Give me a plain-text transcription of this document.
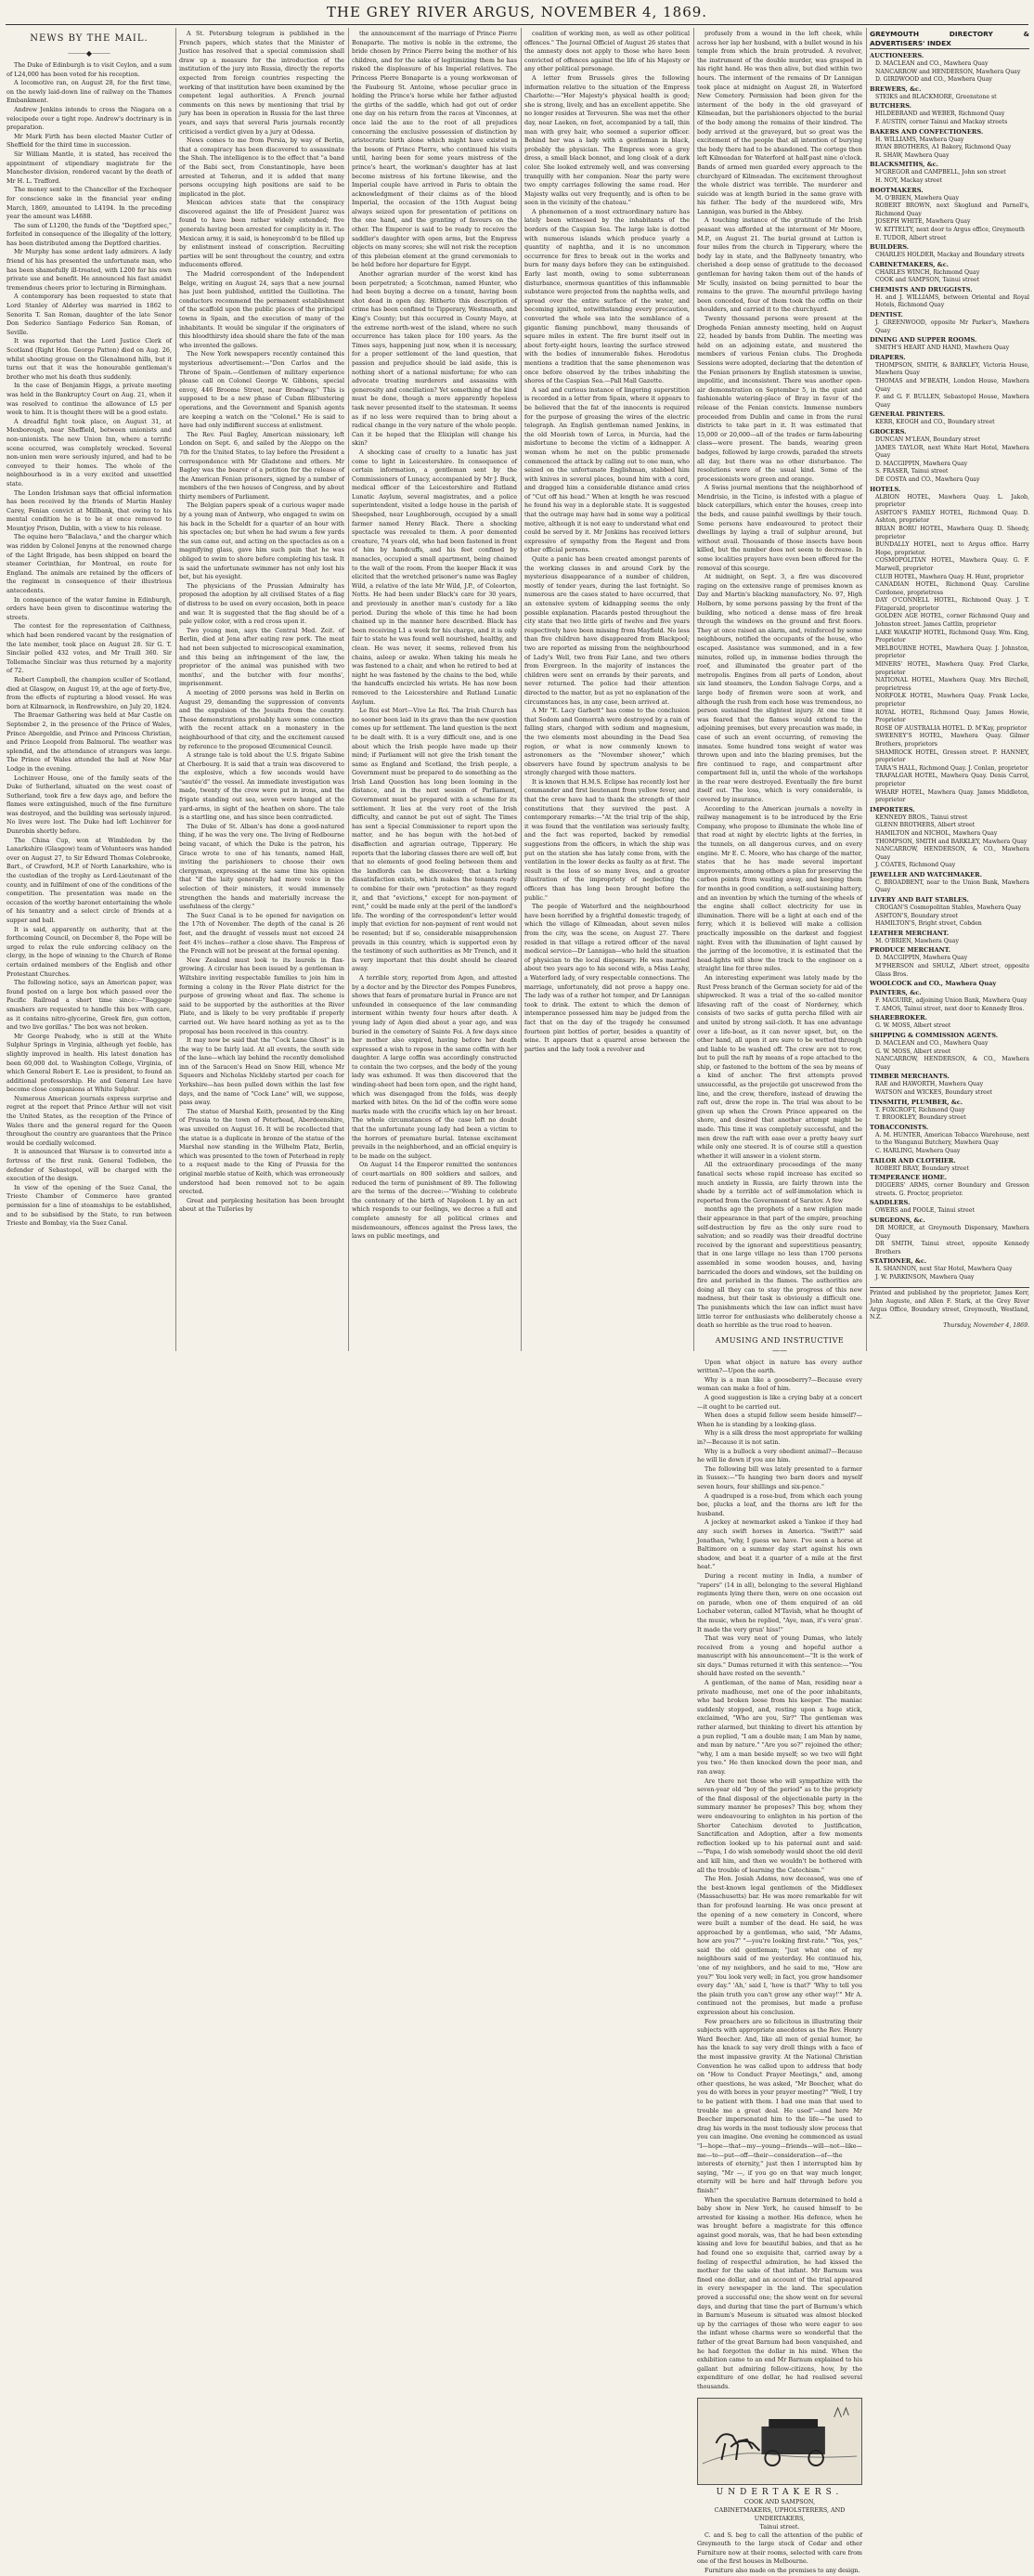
THE GREY RIVER ARGUS, NOVEMBER 4, 1869.
NEWS BY THE MAIL.
⸻◆⸻

The Duke of Edinburgh is to visit Ceylon, and a sum of L24,000 has been voted for his reception.

A locomotive ran, on August 28, for the first time, on the newly laid-down line of railway on the Thames Embankment.

Andrew Jenkins intends to cross the Niagara on a velocipede over a tight rope. Andrew's doctrinary is in preparation.

Mr Mark Firth has been elected Master Cutler of Sheffield for the third time in succession.

Sir William Mantle, it is stated, has received the appointment of stipendiary magistrate for the Manchester division, rendered vacant by the death of Mr H. L. Trafford.

The money sent to the Chancellor of the Exchequer for conscience sake in the financial year ending March, 1869, amounted to L4194. In the preceding year the amount was L4688.

The sum of L1200, the funds of the "Deptford spec," forfeited in consequence of the illegality of the lottery, has been distributed among the Deptford charities.

Mr Murphy has some ardent lady admirers. A lady friend of his has presented the unfortunate man, who has been shamefully ill-treated, with L200 for his own private use and benefit. He announced his fast amidst tremendous cheers prior to lecturing in Birmingham.

A contemporary has been requested to state that Lord Stanley of Alderley was married in 1862 to Senorita T. San Roman, daughter of the late Senor Don Sederico Santiago Federico San Roman, of Seville.

It was reported that the Lord Justice Clerk of Scotland (Right Hon. George Patton) died on Aug. 26, whilst shooting grouse on the Glenalmond hills, but it turns out that it was the honourable gentleman's brother who met his death thus suddenly.

In the case of Benjamin Higgs, a private meeting was held in the Bankruptcy Court on Aug. 21, when it was resolved to continue the allowance of L5 per week to him. It is thought there will be a good estate.

A dreadful fight took place, on August 31, at Mexborough, near Sheffield, between unionists and non-unionists. The new Union Inn, where a terrific scene occurred, was completely wrecked. Several non-union men were seriously injured, and had to be conveyed to their homes. The whole of the neighbourhood is in a very excited and unsettled state.

The London Irishman says that official information has been received by the friends of Martin Hanley Carey, Fenian convict at Millbank, that owing to his mental condition he is to be at once removed to Mountjoy Prison, Dublin, with a view to his release.

The equine hero "Balaclava," and the charger which was ridden by Colonel Jenyns at the renowned charge of the Light Brigade, has been shipped on board the steamer Corinthian, for Montreal, en route for England. The animals are retained by the officers of the regiment in consequence of their illustrious antecedents.

In consequence of the water famine in Edinburgh, orders have been given to discontinue watering the streets.

The contest for the representation of Caithness, which had been rendered vacant by the resignation of the late member, took place on August 28. Sir G. T. Sinclair polled 432 votes, and Mr Traill 360. Sir Tollemache Sinclair was thus returned by a majority of 72.

Robert Campbell, the champion sculler of Scotland, died at Glasgow, on August 19, at the age of forty-five, from the effects of rupturing a blood vessel. He was born at Kilmarnock, in Renfrewshire, on July 20, 1824.

The Braemar Gathering was held at Mar Castle on September 2, in the presence of the Prince of Wales, Prince Abergeldie, and Prince and Princess Christian, and Prince Leopold from Balmoral. The weather was splendid, and the attendance of strangers was large. The Prince of Wales attended the ball at New Mar Lodge in the evening.

Lochinver House, one of the family seats of the Duke of Sutherland, situated on the west coast of Sutherland, took fire a few days ago, and before the flames were extinguished, much of the fine furniture was destroyed, and the building was seriously injured. No lives were lost. The Duke had left Lochinver for Dunrobin shortly before.

The China Cup, won at Wimbledon by the Lanarkshire (Glasgow) team of Volunteers was handed over on August 27, to Sir Edward Thomas Colebrooke, Bart., of Crawford, M.P. of North Lanarkshire, who is the custodian of the trophy as Lord-Lieutenant of the county, and in fulfilment of one of the conditions of the competition. The presentation was made on the occasion of the worthy baronet entertaining the whole of his tenantry and a select circle of friends at a supper and ball.

It is said, apparently on authority, that at the forthcoming Council, on December 8, the Pope will be urged to relax the rule enforcing celibacy on the clergy, in the hope of winning to the Church of Rome certain ordained members of the English and other Protestant Churches.

The following notice, says an American paper, was found posted on a large box which passed over the Pacific Railroad a short time since:—"Baggage smashers are requested to handle this box with care, as it contains nitro-glycerine, Greek fire, gun cotton, and two live gorillas." The box was not broken.

Mr George Peabody, who is still at the White Sulphur Springs in Virginia, although yet feeble, has slightly improved in health. His latest donation has been 60,000 dol. to Washington College, Virginia, of which General Robert E. Lee is president, to found an additional professorship. He and General Lee have become close companions at White Sulphur.

Numerous American journals express surprise and regret at the report that Prince Arthur will not visit the United States, as the reception of the Prince of Wales there and the general regard for the Queen throughout the country are guarantees that the Prince would be cordially welcomed.

It is announced that Warsaw is to converted into a fortress of the first rank. General Todleben, the defender of Sebastopol, will be charged with the execution of the design.

In view of the opening of the Suez Canal, the Trieste Chamber of Commerce have granted permission for a line of steamships to be established, and to be subsidised by the State, to run between Trieste and Bombay, via the Suez Canal.

A St. Petersburg telegram is published in the French papers, which states that the Minister of Justice has resolved that a special commission shall draw up a measure for the introduction of the institution of the jury into Russia, directly the reports expected from foreign countries respecting the working of that institution have been examined by the competent legal authorities. A French journal comments on this news by mentioning that trial by jury has been in operation in Russia for the last three years, and says that several Paris journals recently criticised a verdict given by a jury at Odessa.

News comes to me from Persia, by way of Berlin, that a conspiracy has been discovered to assassinate the Shah. The intelligence is to the effect that "a band of the Babi sect, from Constantinople, have been arrested at Teheran, and it is added that many persons occupying high positions are said to be implicated in the plot.

Mexican advices state that the conspiracy discovered against the life of President Juarez was found to have been rather widely extended; five generals having been arrested for complicity in it. The Mexican army, it is said, is honeycomb'd to be filled up by enlistment instead of conscription. Recruiting parties will be sent throughout the country, and extra inducements offered.

The Madrid correspondent of the Independent Belge, writing on August 24, says that a new journal has just been published, entitled the Guillotina. The conductors recommend the permanent establishment of the scaffold upon the public places of the principal towns in Spain, and the execution of many of the inhabitants. It would be singular if the originators of this bloodthirsty idea should share the fate of the man who invented the gallows.

The New York newspapers recently contained this mysterious advertisement:—"Don Carlos and the Throne of Spain.—Gentlemen of military experience please call on Colonel George W. Gibbons, special envoy, 446 Broome Street, near Broadway." This is supposed to be a new phase of Cuban filibustering operations, and the Government and Spanish agents are keeping a watch on the "Colonel." He is said to have had only indifferent success at enlistment.

The Rev. Paul Bagley, American missionary, left London on Sept. 6, and sailed by the Aleppo on the 7th for the United States, to lay before the President a correspondence with Mr Gladstone and others. Mr Bagley was the bearer of a petition for the release of the American Fenian prisoners, signed by a number of members of the two houses of Congress, and by about thirty members of Parliament.

The Belgian papers speak of a curious wager made by a young man of Antwerp, who engaged to swim on his back in the Scheldt for a quarter of an hour with his spectacles on; but when he had swum a few yards the sun came out, and acting on the spectacles as on a magnifying glass, gave him such pain that he was obliged to swim to shore before completing his task. It is said the unfortunate swimmer has not only lost his bet, but his eyesight.

The physicians of the Prussian Admiralty has proposed the adoption by all civilised States of a flag of distress to be used on every occasion, both in peace and war. It is suggested that the flag should be of a pale yellow color, with a red cross upon it.

Two young men, says the Central Med. Zeit. of Berlin, died at Jena after eating raw pork. The meat had not been subjected to microscopical examination, and this being an infringement of the law, the proprietor of the animal was punished with two months', and the butcher with four months', imprisonment.

A meeting of 2000 persons was held in Berlin on August 29, demanding the suppression of convents and the expulsion of the Jesuits from the country. These demonstrations probably have some connection with the recent attack on a monastery in the neighbourhood of that city, and the excitement caused by reference to the proposed Œcumenical Council.

A strange tale is told about the U.S. frigate Sabine at Cherbourg. It is said that a train was discovered to the explosive, which a few seconds would have "sautée'd" the vessel. An immediate investigation was made, twenty of the crew were put in irons, and the frigate standing out sea, seven were hanged at the yard-arms, in sight of the heathen on shore. The tale is a startling one, and has since been contradicted.

The Duke of St. Alban's has done a good-natured thing, if he was the very one. The living of Redbourne being vacant, of which the Duke is the patron, his Grace wrote to one of his tenants, named Hall, inviting the parishioners to choose their own clergyman, expressing at the same time his opinion that "if the laity generally had more voice in the selection of their ministers, it would immensely strengthen the hands and materially increase the usefulness of the clergy."

The Suez Canal is to be opened for navigation on the 17th of November. The depth of the canal is 26 feet, and the draught of vessels must not exceed 24 feet 4½ inches—rather a close shave. The Empress of the French will not be present at the formal opening.

New Zealand must look to its laurels in flax-growing. A circular has been issued by a gentleman in Wiltshire inviting respectable families to join him in forming a colony in the River Plate district for the purpose of growing wheat and flax. The scheme is said to be supported by the authorities at the River Plate, and is likely to be very profitable if properly carried out. We have heard nothing as yet as to the proposal has been received in this country.

It may now be said that the "Cock Lane Ghost" is in the way to be fairly laid. At all events, the south side of the lane—which lay behind the recently demolished inn of the Saracen's Head on Snow Hill, whence Mr Squeers and Nicholas Nickleby started per coach for Yorkshire—has been pulled down within the last few days, and the name of "Cock Lane" will, we suppose, pass away.

The statue of Marshal Keith, presented by the King of Prussia to the town of Peterhead, Aberdeenshire, was unveiled on August 16. It will be recollected that the statue is a duplicate in bronze of the statue of the Marshal now standing in the Wilhelm Platz, Berlin, which was presented to the town of Peterhead in reply to a request made to the King of Prussia for the original marble statue of Keith, which was erroneously understood had been removed not to be again erected.

Great and perplexing hesitation has been brought about at the Tuileries by

the announcement of the marriage of Prince Pierre Bonaparte. The motive is noble in the extreme, the bride chosen by Prince Pierre being the mother of his children, and for the sake of legitimizing them he has risked the displeasure of his Imperial relatives. The Princess Pierre Bonaparte is a young workwoman of the Faubourg St. Antoine, whose peculiar grace in holding the Prince's horse while her father adjusted the girths of the saddle, which had got out of order one day on his return from the races at Vincennes, at once laid the axe to the root of all prejudices concerning the exclusive possession of distinction by aristocratic birth alone which might have existed in the bosom of Prince Pierre, who continued his visits until, having been for some years mistress of the prince's heart, the workman's daughter has at last become mistress of his fortune likewise, and the Imperial couple have arrived in Paris to obtain the acknowledgment of their claims as of the blood Imperial, the occasion of the 15th August being always seized upon for presentation of petitions on the one hand, and the granting of favours on the other. The Emperor is said to be ready to receive the saddler's daughter with open arms, but the Empress objects on many scores; she will not risk the reception of this plebeian element at the grand ceremonials to be held before her departure for Egypt.

Another agrarian murder of the worst kind has been perpetrated; a Scotchman, named Hunter, who had been buying a decree on a tenant, having been shot dead in open day. Hitherto this description of crime has been confined to Tipperary, Westmeath, and King's County; but this occurred in County Mayo, at the extreme north-west of the island, where no such occurrence has taken place for 100 years. As the Times says, happening just now, when it is necessary, for a proper settlement of the land question, that passion and prejudice should be laid aside, this is nothing short of a national misfortune; for who can advocate treating murderers and assassins with generosity and conciliation? Yet something of the kind must be done, though a more apparently hopeless task never presented itself to the statesman. It seems as if no less were required than to bring about a radical change in the very nature of the whole people. Can it be hoped that the Elixiplan will change his skin?

A shocking case of cruelty to a lunatic has just come to light in Leicestershire. In consequence of certain information, a gentleman sent by the Commissioners of Lunacy, accompanied by Mr J. Buck, medical officer of the Leicestershire and Rutland Lunatic Asylum, several magistrates, and a police superintendent, visited a lodge house in the parish of Sheepshed, near Loughborough, occupied by a small farmer named Henry Black. There a shocking spectacle was revealed to them. A poor demented creature, 74 years old, who had been fastened in front of him by handcuffs, and his feet confined by manacles, occupied a small apartment, being chained to the wall of the room. From the keeper Black it was elicited that the wretched prisoner's name was Bagley Wild, a relative of the late Mr Wild, J.P., of Coleorton, Notts. He had been under Black's care for 30 years, and previously in another man's custody for a like period. During the whole of this time he had been chained up in the manner here described. Black has been receiving L1 a week for his charge, and it is only fair to state he was found well nourished, healthy, and clean. He was never, it seems, relieved from his chains, asleep or awake. When taking his meals he was fastened to a chair, and when he retired to bed at night he was fastened by the chains to the bed, while the handcuffs encircled his wrists. He has now been removed to the Leicestershire and Rutland Lunatic Asylum.

Le Roi est Mort—Vive Le Roi. The Irish Church has no sooner been laid in its grave than the new question comes up for settlement. The land question is the next to be dealt with. It is a very difficult one, and is one about which the Irish people have made up their mind; if Parliament will not give the Irish tenant the same as England and Scotland, the Irish people, a Government must be prepared to do something as the Irish Land Question has long been looming in the distance, and in the next session of Parliament, Government must be prepared with a scheme for its settlement. It lies at the very root of the Irish difficulty, and cannot be put out of sight. The Times has sent a Special Commissioner to report upon the matter, and he has begun with the hot-bed of disaffection and agrarian outrage, Tipperary. He reports that the laboring classes there are well off, but that no elements of good feeling between them and the landlords can be discovered; that a lurking dissatisfaction exists, which makes the tenants ready to combine for their own "protection" as they regard it, and that "evictions," except for non-payment of rent," could be made only at the peril of the landlord's life. The wording of the correspondent's letter would imply that eviction for non-payment of rent would not be resented; but if so, considerable misapprehension prevails in this country, which is supported even by the testimony of such authorities as Mr Trench, and it is very important that this doubt should be cleared away.

A terrible story, reported from Agen, and attested by a doctor and by the Director des Pompes Funebres, shows that fears of premature burial in France are not unfounded in consequence of the law commanding interment within twenty four hours after death. A young lady of Agen died about a year ago, and was buried in the cemetery of Sainte Foi. A few days since her mother also expired, having before her death expressed a wish to repose in the same coffin with her daughter. A large coffin was accordingly constructed to contain the two corpses, and the body of the young lady was exhumed. It was then discovered that the winding-sheet had been torn open, and the right hand, which was disengaged from the folds, was deeply marked with bites. On the lid of the coffin were some marks made with the crucifix which lay on her breast. The whole circumstances of the case left no doubt that the unfortunate young lady had been a victim to the horrors of premature burial. Intense excitement prevails in the neighborhood, and an official enquiry is to be made on the subject.

On August 14 the Emperor remitted the sentences of court-martials on 800 soldiers and sailors, and reduced the term of punishment of 89. The following are the terms of the decree:—"Wishing to celebrate the centenary of the birth of Napoleon I. by an act which responds to our feelings, we decree a full and complete amnesty for all political crimes and misdemeanours, offences against the Press laws, the laws on public meetings, and

coalition of working men, as well as other political offences." The Journal Officiel of August 26 states that the amnesty does not apply to those who have been convicted of offences against the life of his Majesty or any other political personage.

A letter from Brussels gives the following information relative to the situation of the Empress Charlotte:—"Her Majesty's physical health is good; she is strong, lively, and has an excellent appetite. She no longer resides at Terveuren. She was met the other day, near Laeken, on foot, accompanied by a tall, thin man with grey hair, who seemed a superior officer. Behind her was a lady with a gentleman in black, probably the physician. The Empress wore a grey dress, a small black bonnet, and long cloak of a dark color. She looked extremely well, and was conversing tranquilly with her companion. Near the party were two empty carriages following the same road. Her Majesty walks out very frequently, and is often to be seen in the vicinity of the chateau."

A phenomenon of a most extraordinary nature has lately been witnessed by the inhabitants of the borders of the Caspian Sea. The large lake is dotted with numerous islands which produce yearly a quantity of naphtha, and it is no uncommon occurrence for fires to break out in the works and burn for many days before they can be extinguished. Early last month, owing to some subterranean disturbance, enormous quantities of this inflammable substance were projected from the naphtha wells, and spread over the entire surface of the water, and becoming ignited, notwithstanding every precaution, converted the whole sea into the semblance of a gigantic flaming punchbowl, many thousands of square miles in extent. The fire burnt itself out in about forty-eight hours, leaving the surface strewed with the bodies of innumerable fishes. Herodotus mentions a tradition that the same phenomenon was once before observed by the tribes inhabiting the shores of the Caspian Sea.—Pall Mall Gazette.

A sad and curious instance of lingering superstition is recorded in a letter from Spain, where it appears to be believed that the fat of the innocents is required for the purpose of greasing the wires of the electric telegraph. An English gentleman named Jenkins, in the old Moorish town of Lorca, in Murcia, had the misfortune to become the victim of a kidnapper. A woman whom he met on the public promenade commenced the attack by calling out to one man, who seized on the unfortunate Englishman, stabbed him with knives in several places, bound him with a cord, and dragged him a considerable distance amid cries of "Cut off his head." When at length he was rescued he found his way in a deplorable state. It is suggested that the outrage may have had in some way a political motive, although it is not easy to understand what end could be served by it. Mr Jenkins has received letters expressive of sympathy from the Regent and from other official persons.

Quite a panic has been created amongst parents of the working classes in and around Cork by the mysterious disappearance of a number of children, mostly of tender years, during the last fortnight. So numerous are the cases stated to have occurred, that an extensive system of kidnapping seems the only possible explanation. Placards posted throughout the city state that two little girls of twelve and five years respectively have been missing from Mayfield. No less than five children have disappeared from Blackpool; two are reported as missing from the neighbourhood of Lady's Well, two from Fair Lane, and two others from Evergreen. In the majority of instances the children were sent on errands by their parents, and never returned. The police had their attention directed to the matter, but as yet no explanation of the circumstances has, in any case, been arrived at.

A Mr "E. Lacy Garbett" has come to the conclusion that Sodom and Gomorrah were destroyed by a rain of falling stars, charged with sodium and magnesium, the two elements most abounding in the Dead Sea region, or what is now commonly known to astronomers as the "November shower," which observers have found by spectrum analysis to be strongly charged with those matters.

It is known that H.M.S. Eclipse has recently lost her commander and first lieutenant from yellow fever, and that the crew have had to thank the strength of their constitutions that they survived the past. A contemporary remarks:—"At the trial trip of the ship, it was found that the ventilation was seriously faulty, and the fact was reported, backed by remedial suggestions from the officers, in which the ship was put on the station she has lately come from, with the ventilation in the lower decks as faulty as at first. The result is the loss of so many lives, and a greater illustration of the impropriety of neglecting the officers than has long been brought before the public."

The people of Waterford and the neighbourhood have been horrified by a frightful domestic tragedy, of which the village of Kilmeadan, about seven miles from the city, was the scene, on August 27. There resided in that village a retired officer of the naval medical service—Dr Lannigan—who held the situation of physician to the local dispensary. He was married about two years ago to his second wife, a Miss Leahy, a Waterford lady, of very respectable connections. The marriage, unfortunately, did not prove a happy one. The lady was of a rather hot temper, and Dr Lannigan took to drink. The extent to which the demon of intemperance possessed him may be judged from the fact that on the day of the tragedy he consumed fourteen pint bottles of porter, besides a quantity of wine. It appears that a quarrel arose between the parties and the lady took a revolver and

profusely from a wound in the left cheek, while across her lap her husband, with a bullet wound in his temple from which the brain protruded. A revolver, the instrument of the double murder, was grasped in his right hand. He was then alive, but died within two hours. The interment of the remains of Dr Lannigan took place at midnight on August 28, in Waterford New Cemetery. Permission had been given for the interment of the body in the old graveyard of Kilmeadan, but the parishioners objected to the burial of the body among the remains of their kindred. The body arrived at the graveyard, but so great was the excitement of the people that all intention of burying the body there had to be abandoned. The cortege then left Kilmeadan for Waterford at half-past nine o'clock. Bands of armed men guarded every approach to the churchyard of Kilmeadan. The excitement throughout the whole district was terrible. The murderer and suicide was at length buried in the same grave with his father. The body of the murdered wife, Mrs Lannigan, was buried in the Abbey.

A touching instance of the gratitude of the Irish peasant was afforded at the interment of Mr Moore, M.P., on August 21. The burial ground at Lutton is four miles from the church in Tipperary, where the body lay in state, and the Ballyneety tenantry, who cherished a deep sense of gratitude to the deceased gentleman for having taken them out of the hands of Mr Scully, insisted on being permitted to bear the remains to the grave. The mournful privilege having been conceded, four of them took the coffin on their shoulders, and carried it to the churchyard.

Twenty thousand persons were present at the Drogheda Fenian amnesty meeting, held on August 22, headed by bands from Dublin. The meeting was held on an adjoining estate, and mustered the members of various Fenian clubs. The Drogheda Sessions were adopted, declaring that the detention of the Fenian prisoners by English statesmen is unwise, impolitic, and inconsistent. There was another open-air demonstration on September 5, in the quiet and fashionable watering-place of Bray in favor of the release of the Fenian convicts. Immense numbers proceeded from Dublin and came in from the rural districts to take part in it. It was estimated that 15,000 or 20,000—all of the trades or farm-labouring class—were present. The bands, wearing green badges, followed by large crowds, paraded the streets all day, but there was no other disturbance. The resolutions were of the usual kind. Some of the processionists wore green and orange.

A Swiss journal mentions that the neighborhood of Mendrisio, in the Ticino, is infested with a plague of black caterpillars, which enter the houses, creep into the beds, and cause painful swellings by their touch. Some persons have endeavoured to protect their dwellings by laying a trail of sulphur around, but without avail. Thousands of those insects have been killed, but the number does not seem to decrease. In some localities prayers have even been offered for the removal of this scourge.

At midnight, on Sept. 3, a fire was discovered raging on the extensive range of premises known as Day and Martin's blacking manufactory, No. 97, High Holborn, by some persons passing by the front of the building, who noticed a dense mass of fire break through the windows on the ground and first floors. They at once raised an alarm, and, reinforced by some neighbours, notified the occupants of the house, who escaped. Assistance was summoned, and in a few minutes, rolled up, in immense bodies through the roof, and illuminated the greater part of the metropolis. Engines from all parts of London, about six land steamers, the London Salvage Corps, and a large body of firemen were soon at work, and although the rush from each hose was tremendous, no person sustained the slightest injury. At one time it was feared that the flames would extend to the adjoining premises, but every precaution was made, in case of such an event occurring, of removing the inmates. Some hundred tons weight of water was thrown upon and into the blazing premises, but the fire continued to rage, and compartment after compartment fell in, until the whole of the workshops in the rear were destroyed. Eventually the fire burnt itself out. The loss, which is very considerable, is covered by insurance.

According to the American journals a novelty in railway management is to be introduced by the Erie Company, who propose to illuminate the whole line of that road at night by electric lights at the ferries, in the tunnels, on all dangerous curves, and on every engine. Mr E. C. Moore, who has charge of the matter, states that he has made several important improvements, among others a plan for preserving the carbon points from wasting away, and keeping them for months in good condition, a self-sustaining battery, and an invention by which the turning of the wheels of the engine shall collect electricity for use in illumination. There will be a light at each end of the ferry, which it is believed will make a collision practically impossible on the darkest and foggiest night. Even with the illumination of light caused by the jarring of the locomotive, it is estimated that the head-lights will show the track to the engineer on a straight line for three miles.

An interesting experiment was lately made by the Rust Press branch of the German society for aid of the shipwrecked. It was a trial of the so-called monitor lifesaving raft of the coast of Norderney, which consists of two sacks of gutta percha filled with air and united by strong sail-cloth. It has one advantage over a life-boat, as it can never upset, but, on the other hand, all upon it are sure to be wetted through and liable to be washed off. The crew are not to row, but to pull the raft by means of a rope attached to the ship, or fastened to the bottom of the sea by means of a kind of anchor. The first attempts proved unsuccessful, as the projectile got unscrewed from the line, and the crew, therefore, instead of drawing the raft out, drew the rope in. The trial was about to be given up when the Crown Prince appeared on the shore, and desired that another attempt might be made. This time it was completely successful, and the men drew the raft with ease over a pretty heavy surf while only one steered. It is of course still a question whether it will answer in a violent storm.

All the extraordinary proceedings of the many fanatical sects whose rapid increase has excited so much anxiety in Russia, are fairly thrown into the shade by a terrible act of self-immolation which is reported from the Government of Saratov. A few

months ago the prophets of a new religion made their appearance in that part of the empire, preaching self-destruction by fire as the only sure road to salvation; and so readily was their dreadful doctrine received by the ignorant and superstitious peasantry, that in one large village no less than 1700 persons assembled in some wooden houses, and, having barricaded the doors and windows, set the building on fire and perished in the flames. The authorities are doing all they can to stay the progress of this new madness, but their task is obviously a difficult one. The punishments which the law can inflict must have little terror for enthusiasts who deliberately choose a death so horrible as the true road to heaven.

AMUSING AND INSTRUCTIVE
——

Upon what object in nature has every author written?—Upon the earth.

Why is a man like a gooseberry?—Because every woman can make a fool of him.

A good suggestion is like a crying baby at a concert—it ought to be carried out.

When does a stupid fellow seem beside himself?—When he is standing by a looking-glass.

Why is a silk dress the most appropriate for walking in?—Because it is not satin.

Why is a bullock a very obedient animal?—Because he will lie down if you axe him.

The following bill was lately presented to a farmer in Sussex:—"To hanging two barn doors and myself seven hours, four shillings and six-pence."

A quadruped is a rose-bud, from which each young bee, plucks a leaf, and the thorns are left for the husband.

A jockey at newmarket asked a Yankee if they had any such swift horses in America. "Swift?" said Jonathan, "why, I guess we have. I've seen a horse at Baltimore on a summer day start against his own shadow, and beat it a quarter of a mile at the first heat."

During a recent mutiny in India, a number of "rapers" (14 in all), belonging to the several Highland regiments lying there then, were on one occasion out on parade, when one of them enquired of an old Lochaber veteran, called M'Tavish, what he thought of the music, when he replied, "Aye, man, it's vera' gran'. It made the very grun' hiss!"

That was very neat of young Dumas, who lately received from a young and hopeful author a manuscript with his announcement—"It is the work of six days." Dumas returned it with this sentence:—"You should have rested on the seventh."

A gentleman, of the name of Man, residing near a private madhouse, met one of the poor inhabitants, who had broken loose from his keeper. The maniac suddenly stopped, and, resting upon a huge stick, exclaimed, "Who are you, Sir?" The gentleman was rather alarmed, but thinking to divert his attention by a pun replied, "I am a double man; I am Man by name, and man by nature." "Are you so?" rejoined the other; "why, I am a man beside myself; so we two will fight you two." He then knocked down the poor man, and ran away.

Are there not those who will sympathize with the seven-year old "boy of the period" as to the propriety of the final disposal of the objectionable party in the summary manner he proposes? This boy, whom they were endeavouring to enlighten in his portion of the Shorter Catechism devoted to Justification, Sanctification and Adoption, after a few moments reflection looked up to his paternal aunt and said:—"Papa, I do wish somebody would shoot the old devil and kill him, and then we wouldn't be bothered with all the trouble of learning the Catechism."

The Hon. Josiah Adams, now deceased, was one of the best-known legal gentlemen of the Middlesex (Massachusetts) bar. He was more remarkable for wit than for profound learning. He was once present at the opening of a new cemetery in Concord, where were built a number of the dead. He said, he was approached by a gentleman, who said, "Mr Adams, how are you?" "—you're looking first-rate." "Yes, yes," said the old gentleman; "just what one of my neighbours said of me yesterday. He continued his, 'one of my neighbors, and he said to me, "How are you?" You look very well; in fact, you grow handsomer every day." 'Ah,' said I, 'how is that?' 'Why to tell you the plain truth you can't grow any other way!'" Mr A. continued not the promises, but made a profuse expression about his conclusion.

Few preachers are so felicitous in illustrating their subjects with appropriate anecdotes as the Rev. Henry Ward Beecher. And, like all men of genial humor, he has the knack to say very droll things with a face of the most impassive gravity. At the National Christian Convention he was called upon to address that body on "How to Conduct Prayer Meetings," and, among other questions, he was asked, "Mr Beecher, what do you do with bores in your prayer meeting?" "Well, I try to be patient with them. I had one man that used to trouble me a great deal. He used"—and here Mr Beecher impersonated him to the life—"he used to drag his words in the most tediously slow process that you can imagine. One evening he commenced as usual "I—hope—that—my—young—friends—will—not—like—me—to—put—off—their—consideration—of—the interests of eternity," just then I interrupted him by saying, "Mr —, if you go on that way much longer, eternity will be here and half through before you finish!"

When the speculative Barnum determined to hold a baby show in New York, he caused himself to be arrested for kissing a mother. His defence, when he was brought before a magistrate for this offence against good morals, was, that he had been extending kissing and love for beautiful babies, and that as he had found one so exquisite that, carried away by a feeling of respectful admiration, he had kissed the mother for the sake of that infant. Mr Barnum was fined one dollar, and an account of the trial appeared in every newspaper in the land. The speculation proved a successful one; the show went on for several days, and during that time the part of Barnum's which in Barnum's Museum is situated was almost blocked up by the carriages of those who were eager to see the infant whose charms were so wonderful that the father of the great Barnum had been vanquished, and he had forgotten the dollar in his mind. When the exhibition came to an end Mr Barnum explained to his gallant but admiring fellow-citizens, how, by the expenditure of one dollar, he had realised several thousands.

UNDERTAKERS.
COOK AND SAMPSON,
CABINETMAKERS, UPHOLSTERERS, AND UNDERTAKERS,
Tainui street.

C. and S. beg to call the attention of the public of Greymouth to the large stock of Cedar and other Furniture now at their rooms, selected with care from one of the first houses in Melbourne.

Furniture also made on the premises to any design.

GREYMOUTH DIRECTORY & ADVERTISERS' INDEX
AUCTIONEERS.
D. MACLEAN and CO., Mawhera Quay
NANCARROW and HENDERSON, Mawhera Quay
D. GIRDWOOD and CO., Mawhera Quay
BREWERS, &c.
STEIKS and BLACKMORE, Greenstone st
BUTCHERS.
HILDEBRAND and WEBER, Richmond Quay
F. AUSTIN, corner Tainui and Mackay streets
BAKERS AND CONFECTIONERS.
H. WILLIAMS, Mawhera Quay
RYAN BROTHERS, A1 Bakery, Richmond Quay
R. SHAW, Mawhera Quay
BLACKSMITHS, &c.
M'GREGOR and CAMPBELL, John son street
H. NOY, Mackay street
BOOTMAKERS.
M. O'BRIEN, Mawhera Quay
ROBERT BROWN, next Skoglund and Parnell's, Richmond Quay
JOSEPH WHITE, Mawhera Quay
W. KITTELTY, next door to Argus office, Greymouth
E. TUDOR, Albert street
BUILDERS.
CHARLES HOLDER, Mackay and Boundary streets
CABINETMAKERS, &c.
CHARLES WINCH, Richmond Quay
COOK and SAMPSON, Tainui street
CHEMISTS AND DRUGGISTS.
H. and J. WILLIAMS, between Oriental and Royal Hotels, Richmond Quay
DENTIST.
J. GREENWOOD, opposite Mr Parker's, Mawhera Quay
DINING AND SUPPER ROOMS.
SMITH'S HEART AND HAND, Mawhera Quay
DRAPERS.
THOMPSON, SMITH, & BARKLEY, Victoria House, Mawhera Quay
THOMAS and M'BEATH, London House, Mawhera Quay
F. and G. F. BULLEN, Sebastopol House, Mawhera Quay
GENERAL PRINTERS.
KERR, KEOGH and CO., Boundary street
GROCERS.
DUNCAN M'LEAN, Boundary street
JAMES TAYLOR, next White Hart Hotel, Mawhera Quay
D. MACGIPPIN, Mawhera Quay
S. FRASER, Tainui street
DE COSTA and CO., Mawhera Quay
HOTELS.
ALBION HOTEL, Mawhera Quay. L. Jakob, proprietor
ASHTON'S FAMILY HOTEL, Richmond Quay. D. Ashton, proprietor
BRIAN BORU HOTEL, Mawhera Quay. D. Sheedy, proprietor
BUNDALLY HOTEL, next to Argus office. Harry Hope, proprietor.
COSMOPOLITAN HOTEL, Mawhera Quay. G. F. Marwell, proprietor
CLUB HOTEL, Mawhera Quay. H. Hunt, proprietor
CANADIAN HOTEL, Richmond Quay. Caroline Cordonee, proprietress
DAY O'CONNELL HOTEL, Richmond Quay. J. T. Fitzgerald, proprietor
GOLDEN AGE HOTEL, corner Richmond Quay and Johnston street. James Cattlin, proprietor
LAKE WAKATIP HOTEL, Richmond Quay. Wm. King, Proprietor
MELBOURNE HOTEL, Mawhera Quay. J. Johnston, proprietor
MINERS' HOTEL, Mawhera Quay. Fred Clarke, proprietor
NATIONAL HOTEL, Mawhera Quay. Mrs Birchell, proprietress
NORFOLK HOTEL, Mawhera Quay. Frank Locke, proprietor
ROYAL HOTEL, Richmond Quay. James Howie, Proprietor
ROSE OF AUSTRALIA HOTEL. D. M'Kay, proprietor
SWEENEY'S HOTEL, Mawhera Quay. Gilmer Brothers, proprietors
SHAMROCK HOTEL, Gresson street. P. HANNEY, proprietor
TARA'S HALL, Richmond Quay. J. Conlan, proprietor
TRAFALGAR HOTEL, Mawhera Quay. Denis Carrol, proprietor
WHARF HOTEL, Mawhera Quay. James Middleton, proprietor
IMPORTERS.
KENNEDY BROS., Tainui street
GLENN BROTHERS, Albert street
HAMILTON and NICHOL, Mawhera Quay
THOMPSON, SMITH and BARKLEY, Mawhera Quay
NANCARROW, HENDERSON, & CO., Mawhera Quay
J. COATES, Richmond Quay
JEWELLER AND WATCHMAKER.
C. BROADBENT, near to the Union Bank, Mawhera Quay
LIVERY AND BAIT STABLES.
CROGAN'S Cosmopolitan Stables, Mawhera Quay
ASHTON'S, Boundary street
HAMILTON'S, Bright street, Cobden
LEATHER MERCHANT.
M. O'BRIEN, Mawhera Quay
PRODUCE MERCHANT.
D. MACGIPPIN, Mawhera Quay
M'PHERSON and SHULZ, Albert street, opposite Glass Bros.
WOOLCOCK and CO., Mawhera Quay
PAINTERS, &c.
F. MAGUIRE, adjoining Union Bank, Mawhera Quay
T. AMOS, Tainui street, next door to Kennedy Bros.
SHAREBROKER.
G. W. MOSS, Albert street
SHIPPING & COMMISSION AGENTS.
D. MACLEAN and CO., Mawhera Quay
G. W. MOSS, Albert street
NANCARROW, HENDERSON, & CO., Mawhera Quay
TIMBER MERCHANTS.
RAE and HAWORTH, Mawhera Quay
WATSON and WICKES, Boundary street
TINSMITH, PLUMBER, &c.
T. FOXCROFT, Richmond Quay
T. BROOKLEY, Boundary street
TOBACCONISTS.
A. M. HUNTER, American Tobacco Warehouse, next to the Wanganui Butchery, Mawhera Quay
C. HARLING, Mawhera Quay
TAILOR AND CLOTHIER.
ROBERT BRAY, Boundary street
TEMPERANCE HOME.
DIGGERS' ARMS, corner Boundary and Gresson streets. G. Proctor, proprietor.
SADDLERS.
OWERS and POOLE, Tainui street
SURGEONS, &c.
DR MORICE, at Greymouth Dispensary, Mawhera Quay
DR SMITH, Tainui street, opposite Kennedy Brothers
STATIONER, &c.
R. SHANNON, next Star Hotel, Mawhera Quay
J. W. PARKINSON, Mawhera Quay
Printed and published by the proprietor, James Kerr, John Auguste, and Allen F. Stark, at the Grey River Argus Office, Boundary street, Greymouth, Westland, N.Z.
Thursday, November 4, 1869.
